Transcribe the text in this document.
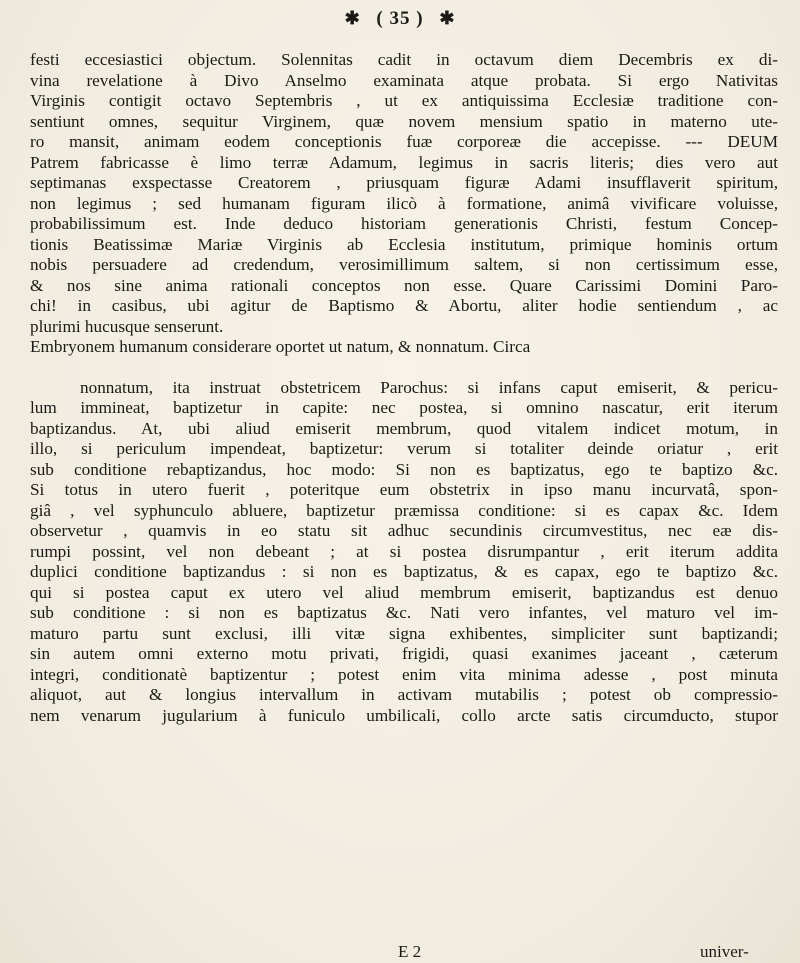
✱ ( 35 ) ✱
festi eccesiastici objectum. Solennitas cadit in octavum diem Decembris ex di-
vina revelatione à Divo Anselmo examinata atque probata. Si ergo Nativitas
Virginis contigit octavo Septembris , ut ex antiquissima Ecclesiæ traditione con-
sentiunt omnes, sequitur Virginem, quæ novem mensium spatio in materno ute-
ro mansit, animam eodem conceptionis fuæ corporeæ die accepisse. --- DEUM
Patrem fabricasse è limo terræ Adamum, legimus in sacris literis; dies vero aut
septimanas exspectasse Creatorem , priusquam figuræ Adami insufflaverit spiritum,
non legimus ; sed humanam figuram ilicò à formatione, animâ vivificare voluisse,
probabilissimum est. Inde deduco historiam generationis Christi, festum Concep-
tionis Beatissimæ Mariæ Virginis ab Ecclesia institutum, primique hominis ortum
nobis persuadere ad credendum, verosimillimum saltem, si non certissimum esse,
& nos sine anima rationali conceptos non esse. Quare Carissimi Domini Paro-
chi! in casibus, ubi agitur de Baptismo & Abortu, aliter hodie sentiendum , ac
plurimi hucusque senserunt.
Embryonem humanum considerare oportet ut natum, & nonnatum. Circa
nonnatum, ita instruat obstetricem Parochus: si infans caput emiserit, & pericu-
lum immineat, baptizetur in capite: nec postea, si omnino nascatur, erit iterum
baptizandus. At, ubi aliud emiserit membrum, quod vitalem indicet motum, in
illo, si periculum impendeat, baptizetur: verum si totaliter deinde oriatur , erit
sub conditione rebaptizandus, hoc modo: Si non es baptizatus, ego te baptizo &c.
Si totus in utero fuerit , poteritque eum obstetrix in ipso manu incurvatâ, spon-
giâ , vel syphunculo abluere, baptizetur præmissa conditione: si es capax &c. Idem
observetur , quamvis in eo statu sit adhuc secundinis circumvestitus, nec eæ dis-
rumpi possint, vel non debeant ; at si postea disrumpantur , erit iterum addita
duplici conditione baptizandus : si non es baptizatus, & es capax, ego te baptizo &c.
qui si postea caput ex utero vel aliud membrum emiserit, baptizandus est denuo
sub conditione : si non es baptizatus &c. Nati vero infantes, vel maturo vel im-
maturo partu sunt exclusi, illi vitæ signa exhibentes, simpliciter sunt baptizandi;
sin autem omni externo motu privati, frigidi, quasi exanimes jaceant , cæterum
integri, conditionatè baptizentur ; potest enim vita minima adesse , post minuta
aliquot, aut & longius intervallum in activam mutabilis ; potest ob compressio-
nem venarum jugularium à funiculo umbilicali, collo arcte satis circumducto, stupor
E 2	univer-
